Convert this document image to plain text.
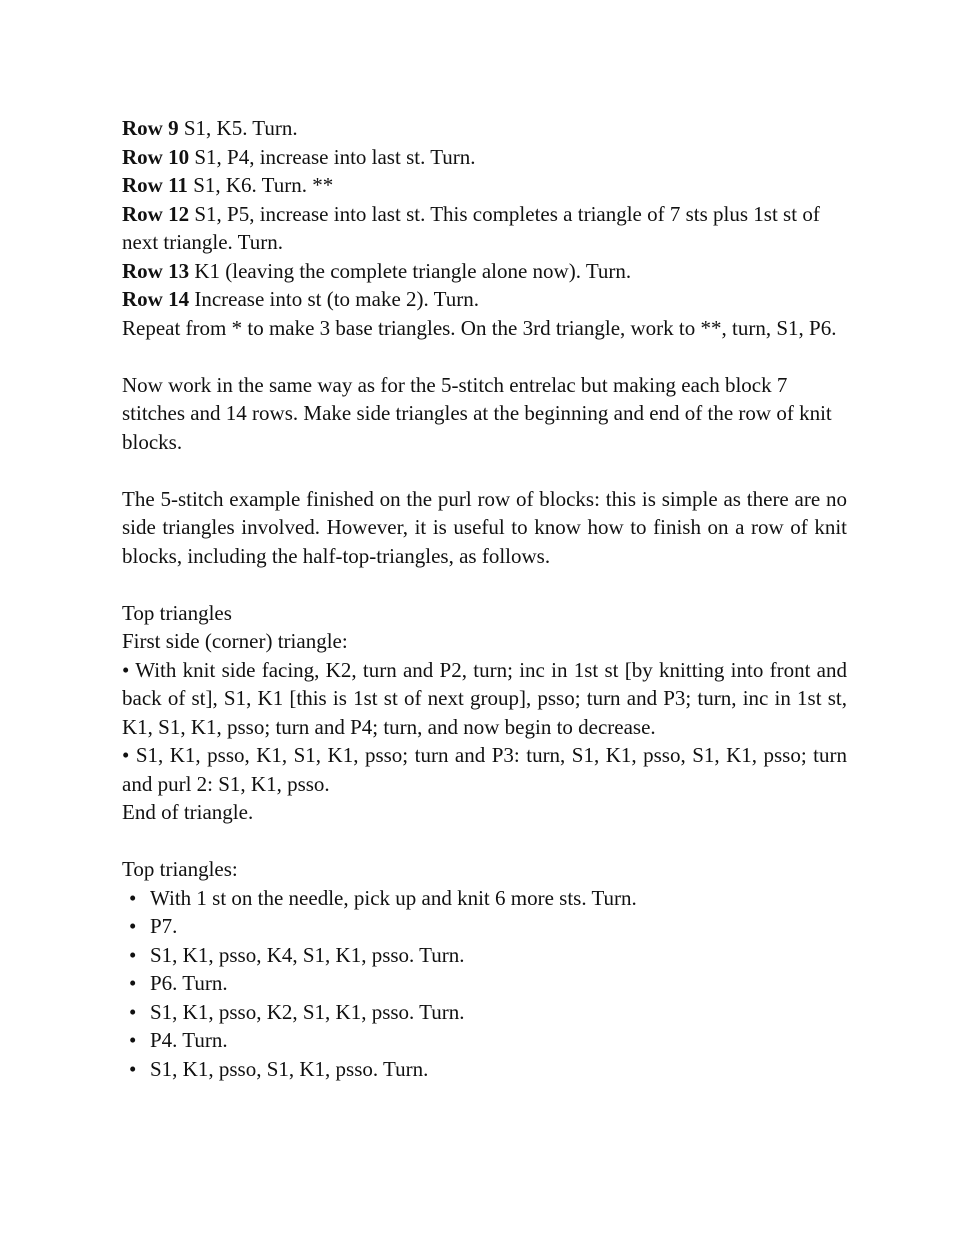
Row 9 S1, K5. Turn.

Row 10 S1, P4, increase into last st. Turn.

Row 11 S1, K6. Turn. **

Row 12 S1, P5, increase into last st. This completes a triangle of 7 sts plus 1st st of next triangle. Turn.

Row 13 K1 (leaving the complete triangle alone now). Turn.

Row 14 Increase into st (to make 2). Turn.

Repeat from * to make 3 base triangles. On the 3rd triangle, work to **, turn, S1, P6.

Now work in the same way as for the 5-stitch entrelac but making each block 7 stitches and 14 rows. Make side triangles at the beginning and end of the row of knit blocks.

The 5-stitch example finished on the purl row of blocks: this is simple as there are no side triangles involved. However, it is useful to know how to finish on a row of knit blocks, including the half-top-triangles, as follows.

Top triangles

First side (corner) triangle:

• With knit side facing, K2, turn and P2, turn; inc in 1st st [by knitting into front and back of st], S1, K1 [this is 1st st of next group], psso; turn and P3; turn, inc in 1st st, K1, S1, K1, psso; turn and P4; turn, and now begin to decrease.

• S1, K1, psso, K1, S1, K1, psso; turn and P3: turn, S1, K1, psso, S1, K1, psso; turn and purl 2: S1, K1, psso.

End of triangle.

Top triangles:

• With 1 st on the needle, pick up and knit 6 more sts. Turn.
• P7.
• S1, K1, psso, K4, S1, K1, psso. Turn.
• P6. Turn.
• S1, K1, psso, K2, S1, K1, psso. Turn.
• P4. Turn.
• S1, K1, psso, S1, K1, psso. Turn.
